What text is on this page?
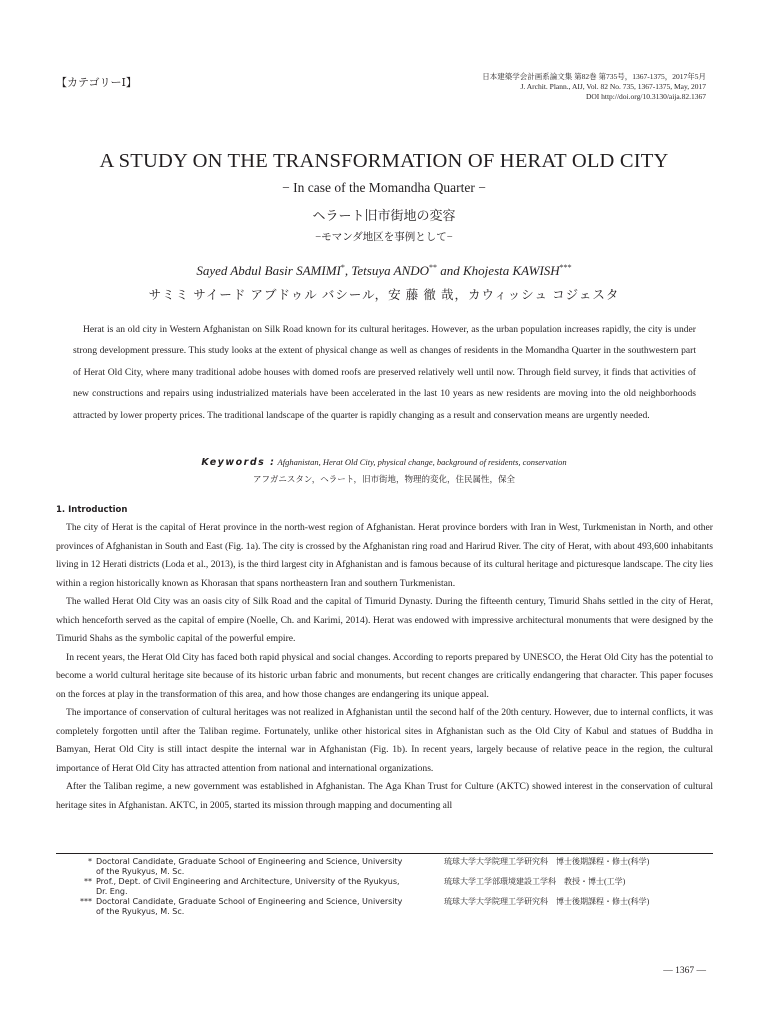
【カテゴリーⅠ】
日本建築学会計画系論文集 第82巻 第735号，1367-1375，2017年5月
J. Archit. Plann., AIJ, Vol. 82 No. 735, 1367-1375, May, 2017
DOI http://doi.org/10.3130/aija.82.1367
A STUDY ON THE TRANSFORMATION OF HERAT OLD CITY
− In case of the Momandha Quarter −
ヘラート旧市街地の変容
−モマンダ地区を事例として−
Sayed Abdul Basir SAMIMI*, Tetsuya ANDO** and Khojesta KAWISH***
サミミ サイード アブドゥル バシール，安 藤 徹 哉，カウィッシュ コジェスタ
Herat is an old city in Western Afghanistan on Silk Road known for its cultural heritages. However, as the urban population increases rapidly, the city is under strong development pressure. This study looks at the extent of physical change as well as changes of residents in the Momandha Quarter in the southwestern part of Herat Old City, where many traditional adobe houses with domed roofs are preserved relatively well until now. Through field survey, it finds that activities of new constructions and repairs using industrialized materials have been accelerated in the last 10 years as new residents are moving into the old neighborhoods attracted by lower property prices. The traditional landscape of the quarter is rapidly changing as a result and conservation means are urgently needed.
Keywords : Afghanistan, Herat Old City, physical change, background of residents, conservation
アフガニスタン，ヘラート，旧市街地，物理的変化，住民属性，保全
1. Introduction

The city of Herat is the capital of Herat province in the north-west region of Afghanistan. Herat province borders with Iran in West, Turkmenistan in North, and other provinces of Afghanistan in South and East (Fig. 1a). The city is crossed by the Afghanistan ring road and Harirud River. The city of Herat, with about 493,600 inhabitants living in 12 Herati districts (Loda et al., 2013), is the third largest city in Afghanistan and is famous because of its cultural heritage and picturesque landscape. The city lies within a region historically known as Khorasan that spans northeastern Iran and southern Turkmenistan.

The walled Herat Old City was an oasis city of Silk Road and the capital of Timurid Dynasty. During the fifteenth century, Timurid Shahs settled in the city of Herat, which henceforth served as the capital of empire (Noelle, Ch. and Karimi, 2014). Herat was endowed with impressive architectural monuments that were designed by the Timurid Shahs as the symbolic capital of the powerful empire.

In recent years, the Herat Old City has faced both rapid physical and social changes. According to reports prepared by UNESCO, the Herat Old City has the potential to become a world cultural heritage site because of its historic urban fabric and monuments, but recent changes are critically endangering that character. This paper focuses on the forces at play in the transformation of this area, and how those changes are endangering its unique appeal.

The importance of conservation of cultural heritages was not realized in Afghanistan until the second half of the 20th century. However, due to internal conflicts, it was completely forgotten until after the Taliban regime. Fortunately, unlike other historical sites in Afghanistan such as the Old City of Kabul and statues of Buddha in Bamyan, Herat Old City is still intact despite the internal war in Afghanistan (Fig. 1b). In recent years, largely because of relative peace in the region, the cultural importance of Herat Old City has attracted attention from national and international organizations.

After the Taliban regime, a new government was established in Afghanistan. The Aga Khan Trust for Culture (AKTC) showed interest in the conservation of cultural heritage sites in Afghanistan. AKTC, in 2005, started its mission through mapping and documenting all

* Doctoral Candidate, Graduate School of Engineering and Science, University
of the Ryukyus, M. Sc.
琉球大学大学院理工学研究科　博士後期課程・修士(科学)
** Prof., Dept. of Civil Engineering and Architecture, University of the Ryukyus,
Dr. Eng.
琉球大学工学部環境建設工学科　教授・博士(工学)
*** Doctoral Candidate, Graduate School of Engineering and Science, University
of the Ryukyus, M. Sc.
琉球大学大学院理工学研究科　博士後期課程・修士(科学)
― 1367 ―
